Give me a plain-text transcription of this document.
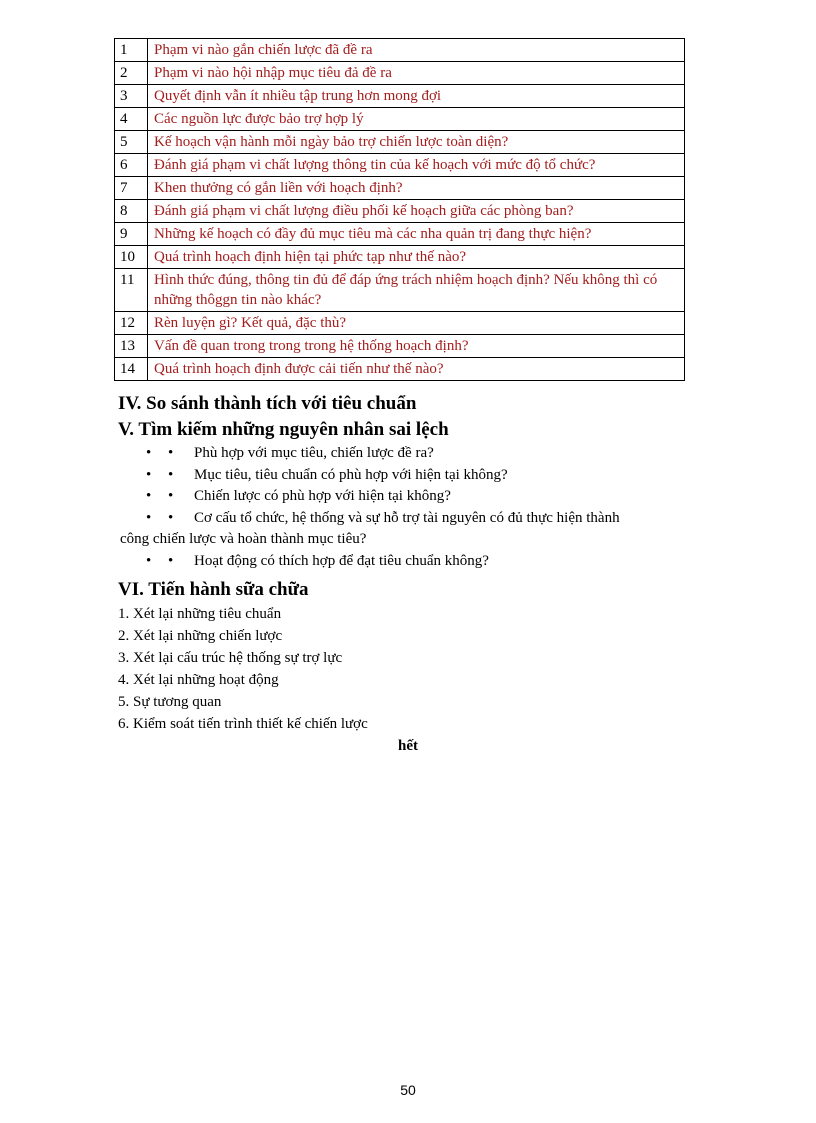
1	Phạm vi nào gắn chiến lược đã đề ra
2	Phạm vi nào hội nhập mục tiêu đả đề ra
3	Quyết định vẫn ít nhiều tập trung hơn mong đợi
4	Các nguồn lực được bảo trợ hợp lý
5	Kế hoạch vận hành mỗi ngày bảo trợ chiến lược toàn diện?
6	Đánh giá phạm vi chất lượng thông tin của kế hoạch với mức độ tổ chức?
7	Khen thưởng có gắn liền với hoạch định?
8	Đánh giá phạm vi chất lượng điều phối kế hoạch giữa các phòng ban?
9	Những kế hoạch có đầy đủ mục tiêu mà các nha quản trị đang thực hiện?
10	Quá trình hoạch định hiện tại phức tạp như thế nào?
11	Hình thức đúng, thông tin đủ để đáp ứng trách nhiệm hoạch định? Nếu không thì có những thôggn tin nào khác?
12	Rèn luyện gì? Kết quả, đặc thù?
13	Vấn đề quan trong trong trong hệ thống hoạch định?
14	Quá trình hoạch định được cải tiến như thế nào?
IV. So sánh thành tích với tiêu chuẩn
V. Tìm kiếm những nguyên nhân sai lệch
• • Phù hợp với mục tiêu, chiến lược đề ra?
• • Mục tiêu, tiêu chuẩn có phù hợp với hiện tại không?
• • Chiến lược có phù hợp với hiện tại không?
• • Cơ cấu tổ chức, hệ thống và sự hỗ trợ tài nguyên có đủ thực hiện thành
công chiến lược và hoàn thành mục tiêu?
• • Hoạt động có thích hợp để đạt tiêu chuẩn không?
VI. Tiến hành sữa chữa
1. Xét lại những tiêu chuẩn
2. Xét lại những chiến lược
3. Xét lại cấu trúc hệ thống sự trợ lực
4. Xét lại những hoạt động
5. Sự tương quan
6. Kiểm soát tiến trình thiết kế chiến lược
hết
50
